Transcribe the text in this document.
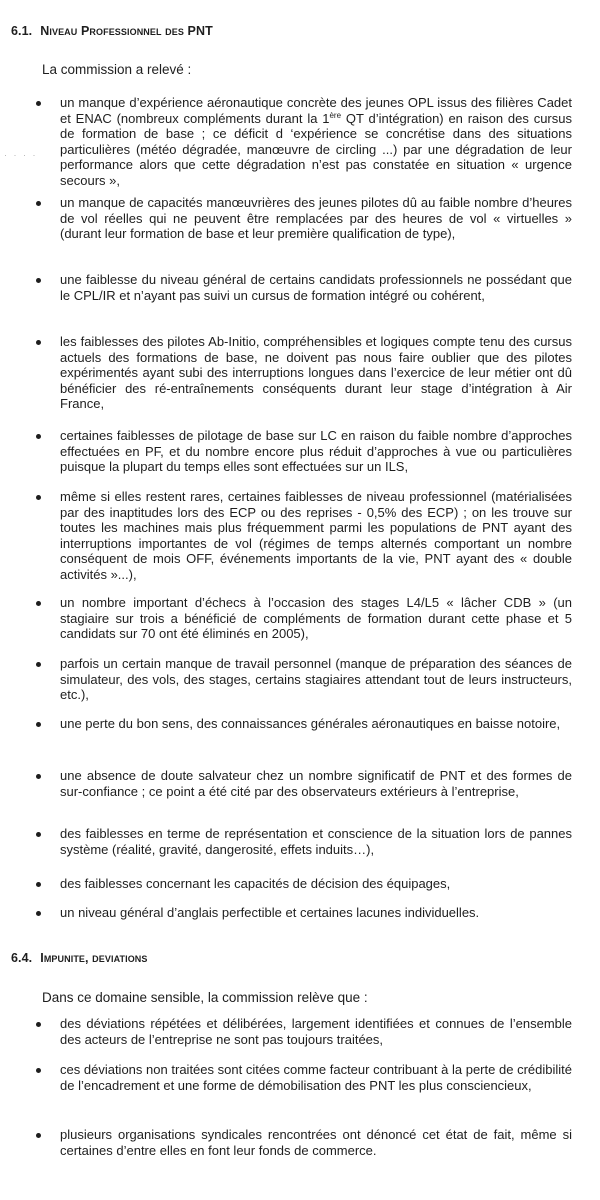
· · · ·
6.1. Niveau Professionnel des PNT
La commission a relevé :
un manque d’expérience aéronautique concrète des jeunes OPL issus des filières Cadet et ENAC (nombreux compléments durant la 1ère QT d’intégration) en raison des cursus de formation de base ; ce déficit d ‘expérience se concrétise dans des situations particulières (météo dégradée, manœuvre de circling ...) par une dégradation de leur performance alors que cette dégradation n’est pas constatée en situation « urgence secours »,
un manque de capacités manœuvrières des jeunes pilotes dû au faible nombre d’heures de vol réelles qui ne peuvent être remplacées par des heures de vol « virtuelles » (durant leur formation de base et leur première qualification de type),
une faiblesse du niveau général de certains candidats professionnels ne possédant que le CPL/IR et n’ayant pas suivi un cursus de formation intégré ou cohérent,
les faiblesses des pilotes Ab-Initio, compréhensibles et logiques compte tenu des cursus actuels des formations de base, ne doivent pas nous faire oublier que des pilotes expérimentés ayant subi des interruptions longues dans l’exercice de leur métier ont dû bénéficier des ré-entraînements conséquents durant leur stage d’intégration à Air France,
certaines faiblesses de pilotage de base sur LC en raison du faible nombre d’approches effectuées en PF, et du nombre encore plus réduit d’approches à vue ou particulières puisque la plupart du temps elles sont effectuées sur un ILS,
même si elles restent rares, certaines faiblesses de niveau professionnel (matérialisées par des inaptitudes lors des ECP ou des reprises - 0,5% des ECP) ; on les trouve sur toutes les machines mais plus fréquemment parmi les populations de PNT ayant des interruptions importantes de vol (régimes de temps alternés comportant un nombre conséquent de mois OFF, événements importants de la vie, PNT ayant des « double activités »...),
un nombre important d’échecs à l’occasion des stages L4/L5 « lâcher CDB » (un stagiaire sur trois a bénéficié de compléments de formation durant cette phase et 5 candidats sur 70 ont été éliminés en 2005),
parfois un certain manque de travail personnel (manque de préparation des séances de simulateur, des vols, des stages, certains stagiaires attendant tout de leurs instructeurs, etc.),
une perte du bon sens, des connaissances générales aéronautiques en baisse notoire,
une absence de doute salvateur chez un nombre significatif de PNT et des formes de sur-confiance ; ce point a été cité par des observateurs extérieurs à l’entreprise,
des faiblesses en terme de représentation et conscience de la situation lors de pannes système (réalité, gravité, dangerosité, effets induits…),
des faiblesses concernant les capacités de décision des équipages,
un niveau général d’anglais perfectible et certaines lacunes individuelles.
6.4. Impunite, deviations
Dans ce domaine sensible, la commission relève que :
des déviations répétées et délibérées, largement identifiées et connues de l’ensemble des acteurs de l’entreprise ne sont pas toujours traitées,
ces déviations non traitées sont citées comme facteur contribuant à la perte de crédibilité de l’encadrement et une forme de démobilisation des PNT les plus consciencieux,
plusieurs organisations syndicales rencontrées ont dénoncé cet état de fait, même si certaines d’entre elles en font leur fonds de commerce.
